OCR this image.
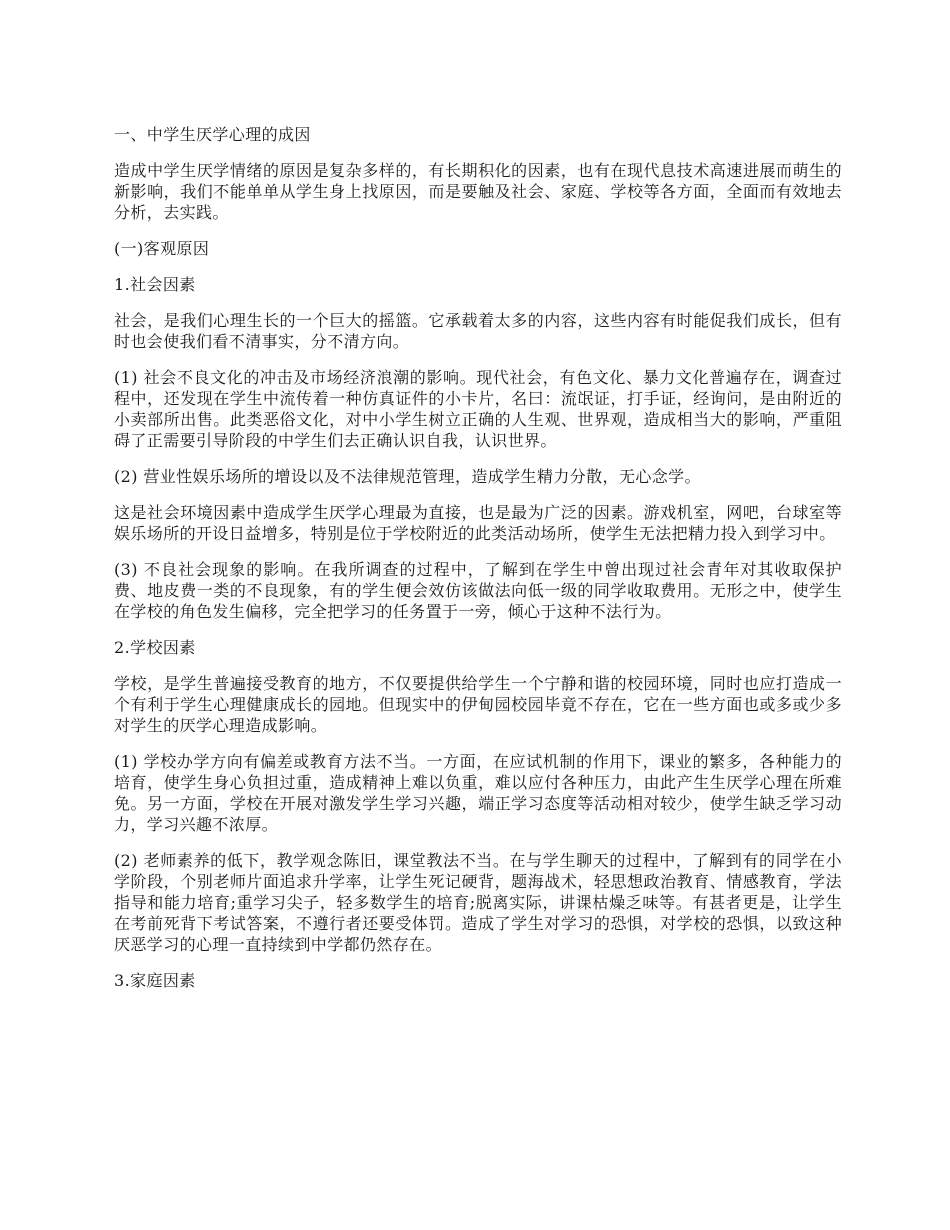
一、中学生厌学心理的成因

造成中学生厌学情绪的原因是复杂多样的，有长期积化的因素，也有在现代息技术高速进展而萌生的新影响，我们不能单单从学生身上找原因，而是要触及社会、家庭、学校等各方面，全面而有效地去分析，去实践。

(一)客观原因

1.社会因素

社会，是我们心理生长的一个巨大的摇篮。它承载着太多的内容，这些内容有时能促我们成长，但有时也会使我们看不清事实，分不清方向。

(1) 社会不良文化的冲击及市场经济浪潮的影响。现代社会，有色文化、暴力文化普遍存在，调查过程中，还发现在学生中流传着一种仿真证件的小卡片，名曰：流氓证，打手证，经询问，是由附近的小卖部所出售。此类恶俗文化，对中小学生树立正确的人生观、世界观，造成相当大的影响，严重阻碍了正需要引导阶段的中学生们去正确认识自我，认识世界。

(2) 营业性娱乐场所的增设以及不法律规范管理，造成学生精力分散，无心念学。

这是社会环境因素中造成学生厌学心理最为直接，也是最为广泛的因素。游戏机室，网吧，台球室等娱乐场所的开设日益增多，特别是位于学校附近的此类活动场所，使学生无法把精力投入到学习中。

(3) 不良社会现象的影响。在我所调查的过程中，了解到在学生中曾出现过社会青年对其收取保护费、地皮费一类的不良现象，有的学生便会效仿该做法向低一级的同学收取费用。无形之中，使学生在学校的角色发生偏移，完全把学习的任务置于一旁，倾心于这种不法行为。

2.学校因素

学校，是学生普遍接受教育的地方，不仅要提供给学生一个宁静和谐的校园环境，同时也应打造成一个有利于学生心理健康成长的园地。但现实中的伊甸园校园毕竟不存在，它在一些方面也或多或少多对学生的厌学心理造成影响。

(1) 学校办学方向有偏差或教育方法不当。一方面，在应试机制的作用下，课业的繁多，各种能力的培育，使学生身心负担过重，造成精神上难以负重，难以应付各种压力，由此产生生厌学心理在所难免。另一方面，学校在开展对激发学生学习兴趣，端正学习态度等活动相对较少，使学生缺乏学习动力，学习兴趣不浓厚。

(2) 老师素养的低下，教学观念陈旧，课堂教法不当。在与学生聊天的过程中，了解到有的同学在小学阶段，个别老师片面追求升学率，让学生死记硬背，题海战术，轻思想政治教育、情感教育，学法指导和能力培育;重学习尖子，轻多数学生的培育;脱离实际，讲课枯燥乏味等。有甚者更是，让学生在考前死背下考试答案，不遵行者还要受体罚。造成了学生对学习的恐惧，对学校的恐惧，以致这种厌恶学习的心理一直持续到中学都仍然存在。

3.家庭因素
